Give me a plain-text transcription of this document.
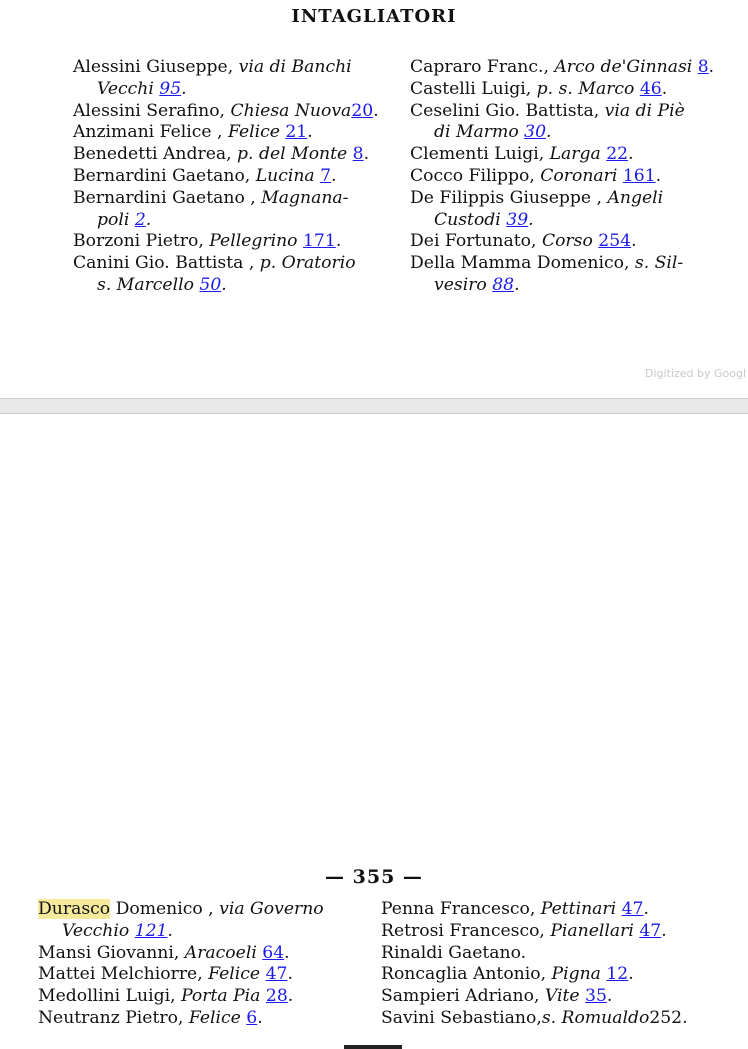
INTAGLIATORI
Alessini Giuseppe, via di Banchi
Vecchi 95.
Alessini Serafino, Chiesa Nuova20.
Anzimani Felice , Felice 21.
Benedetti Andrea, p. del Monte 8.
Bernardini Gaetano, Lucina 7.
Bernardini Gaetano , Magnana-
poli 2.
Borzoni Pietro, Pellegrino 171.
Canini Gio. Battista , p. Oratorio
s. Marcello 50.
Capraro Franc., Arco de'Ginnasi 8.
Castelli Luigi, p. s. Marco 46.
Ceselini Gio. Battista, via di Piè
di Marmo 30.
Clementi Luigi, Larga 22.
Cocco Filippo, Coronari 161.
De Filippis Giuseppe , Angeli
Custodi 39.
Dei Fortunato, Corso 254.
Della Mamma Domenico, s. Sil-
vesiro 88.
Digitized by Googl
— 355 —
Durasco Domenico , via Governo
Vecchio 121.
Mansi Giovanni, Aracoeli 64.
Mattei Melchiorre, Felice 47.
Medollini Luigi, Porta Pia 28.
Neutranz Pietro, Felice 6.
Penna Francesco, Pettinari 47.
Retrosi Francesco, Pianellari 47.
Rinaldi Gaetano.
Roncaglia Antonio, Pigna 12.
Sampieri Adriano, Vite 35.
Savini Sebastiano,s. Romualdo252.
